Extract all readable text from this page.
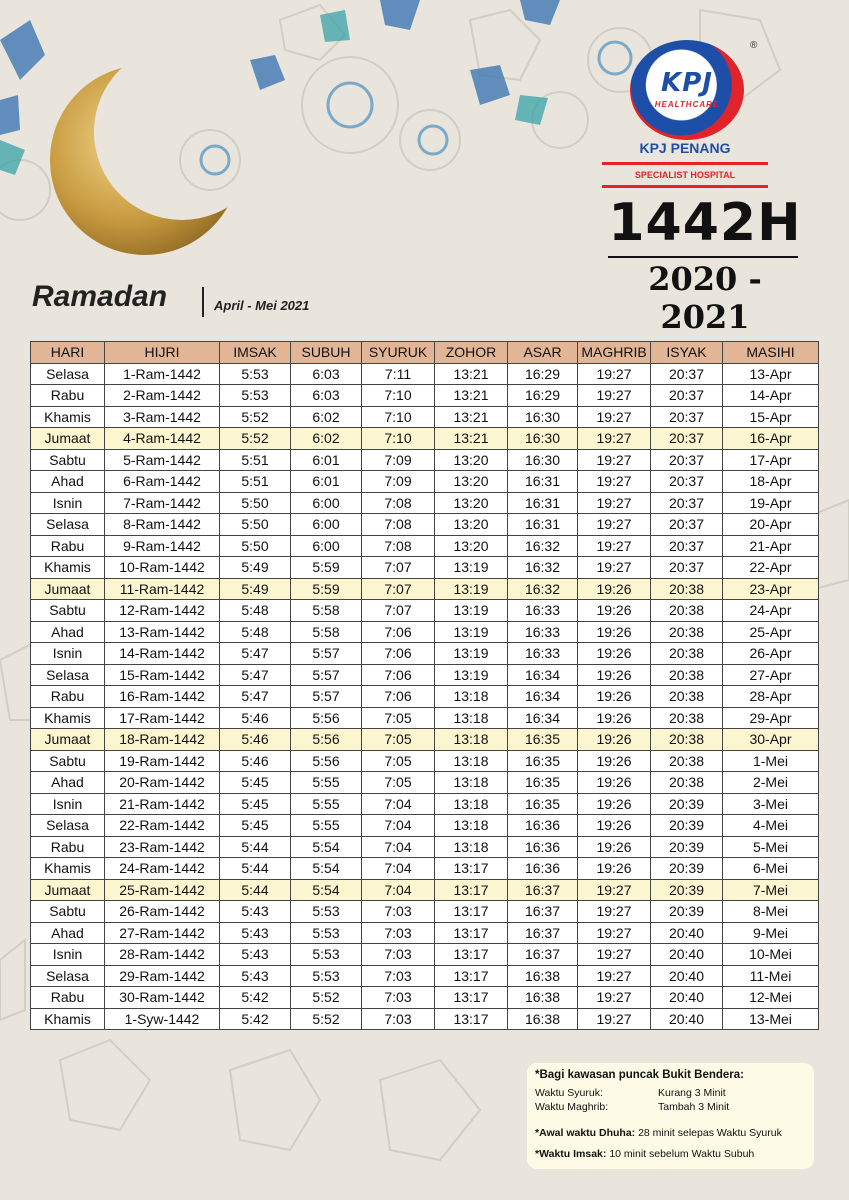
KPJ
HEALTHCARE
®
KPJ PENANG
SPECIALIST HOSPITAL
1442H
2020 - 2021
Ramadan	April - Mei 2021
HARI	HIJRI	IMSAK	SUBUH	SYURUK	ZOHOR	ASAR	MAGHRIB	ISYAK	MASIHI
Selasa	1-Ram-1442	5:53	6:03	7:11	13:21	16:29	19:27	20:37	13-Apr
Rabu	2-Ram-1442	5:53	6:03	7:10	13:21	16:29	19:27	20:37	14-Apr
Khamis	3-Ram-1442	5:52	6:02	7:10	13:21	16:30	19:27	20:37	15-Apr
Jumaat	4-Ram-1442	5:52	6:02	7:10	13:21	16:30	19:27	20:37	16-Apr
Sabtu	5-Ram-1442	5:51	6:01	7:09	13:20	16:30	19:27	20:37	17-Apr
Ahad	6-Ram-1442	5:51	6:01	7:09	13:20	16:31	19:27	20:37	18-Apr
Isnin	7-Ram-1442	5:50	6:00	7:08	13:20	16:31	19:27	20:37	19-Apr
Selasa	8-Ram-1442	5:50	6:00	7:08	13:20	16:31	19:27	20:37	20-Apr
Rabu	9-Ram-1442	5:50	6:00	7:08	13:20	16:32	19:27	20:37	21-Apr
Khamis	10-Ram-1442	5:49	5:59	7:07	13:19	16:32	19:27	20:37	22-Apr
Jumaat	11-Ram-1442	5:49	5:59	7:07	13:19	16:32	19:26	20:38	23-Apr
Sabtu	12-Ram-1442	5:48	5:58	7:07	13:19	16:33	19:26	20:38	24-Apr
Ahad	13-Ram-1442	5:48	5:58	7:06	13:19	16:33	19:26	20:38	25-Apr
Isnin	14-Ram-1442	5:47	5:57	7:06	13:19	16:33	19:26	20:38	26-Apr
Selasa	15-Ram-1442	5:47	5:57	7:06	13:19	16:34	19:26	20:38	27-Apr
Rabu	16-Ram-1442	5:47	5:57	7:06	13:18	16:34	19:26	20:38	28-Apr
Khamis	17-Ram-1442	5:46	5:56	7:05	13:18	16:34	19:26	20:38	29-Apr
Jumaat	18-Ram-1442	5:46	5:56	7:05	13:18	16:35	19:26	20:38	30-Apr
Sabtu	19-Ram-1442	5:46	5:56	7:05	13:18	16:35	19:26	20:38	1-Mei
Ahad	20-Ram-1442	5:45	5:55	7:05	13:18	16:35	19:26	20:38	2-Mei
Isnin	21-Ram-1442	5:45	5:55	7:04	13:18	16:35	19:26	20:39	3-Mei
Selasa	22-Ram-1442	5:45	5:55	7:04	13:18	16:36	19:26	20:39	4-Mei
Rabu	23-Ram-1442	5:44	5:54	7:04	13:18	16:36	19:26	20:39	5-Mei
Khamis	24-Ram-1442	5:44	5:54	7:04	13:17	16:36	19:26	20:39	6-Mei
Jumaat	25-Ram-1442	5:44	5:54	7:04	13:17	16:37	19:27	20:39	7-Mei
Sabtu	26-Ram-1442	5:43	5:53	7:03	13:17	16:37	19:27	20:39	8-Mei
Ahad	27-Ram-1442	5:43	5:53	7:03	13:17	16:37	19:27	20:40	9-Mei
Isnin	28-Ram-1442	5:43	5:53	7:03	13:17	16:37	19:27	20:40	10-Mei
Selasa	29-Ram-1442	5:43	5:53	7:03	13:17	16:38	19:27	20:40	11-Mei
Rabu	30-Ram-1442	5:42	5:52	7:03	13:17	16:38	19:27	20:40	12-Mei
Khamis	1-Syw-1442	5:42	5:52	7:03	13:17	16:38	19:27	20:40	13-Mei
*Bagi kawasan puncak Bukit Bendera:
Waktu Syuruk:	Kurang 3 Minit
Waktu Maghrib:	Tambah 3 Minit
*Awal waktu Dhuha: 28 minit selepas Waktu Syuruk
*Waktu Imsak: 10 minit sebelum Waktu Subuh
